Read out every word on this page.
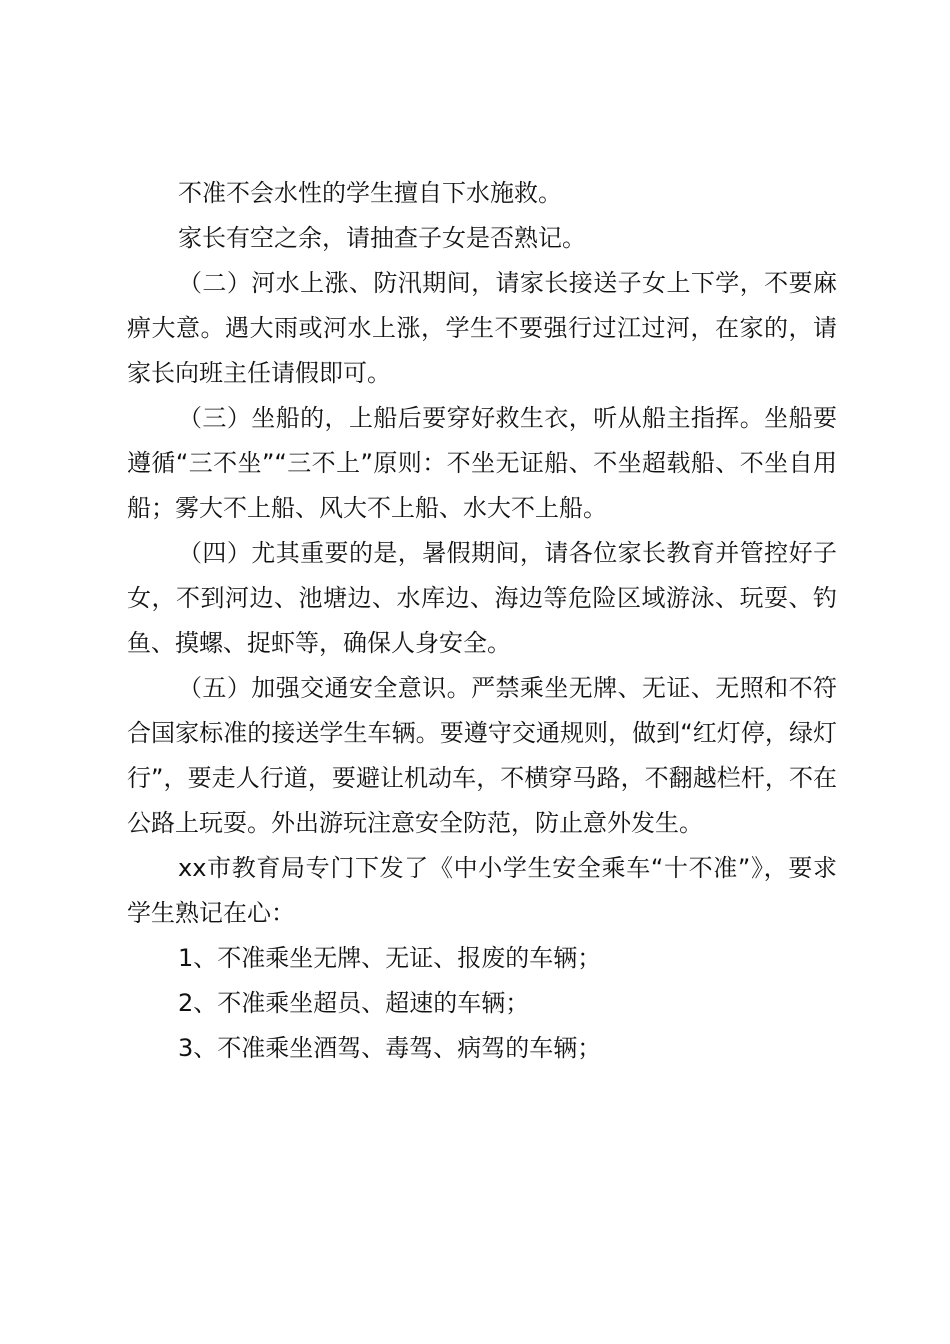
不准不会水性的学生擅自下水施救。

家长有空之余，请抽查子女是否熟记。

（二）河水上涨、防汛期间，请家长接送子女上下学，不要麻痹大意。遇大雨或河水上涨，学生不要强行过江过河，在家的，请家长向班主任请假即可。

（三）坐船的，上船后要穿好救生衣，听从船主指挥。坐船要遵循“三不坐”“三不上”原则：不坐无证船、不坐超载船、不坐自用船；雾大不上船、风大不上船、水大不上船。

（四）尤其重要的是，暑假期间，请各位家长教育并管控好子女，不到河边、池塘边、水库边、海边等危险区域游泳、玩耍、钓鱼、摸螺、捉虾等，确保人身安全。

（五）加强交通安全意识。严禁乘坐无牌、无证、无照和不符合国家标准的接送学生车辆。要遵守交通规则，做到“红灯停，绿灯行”，要走人行道，要避让机动车，不横穿马路，不翻越栏杆，不在公路上玩耍。外出游玩注意安全防范，防止意外发生。

xx市教育局专门下发了《中小学生安全乘车“十不准”》，要求学生熟记在心：

1、不准乘坐无牌、无证、报废的车辆；

2、不准乘坐超员、超速的车辆；

3、不准乘坐酒驾、毒驾、病驾的车辆；
